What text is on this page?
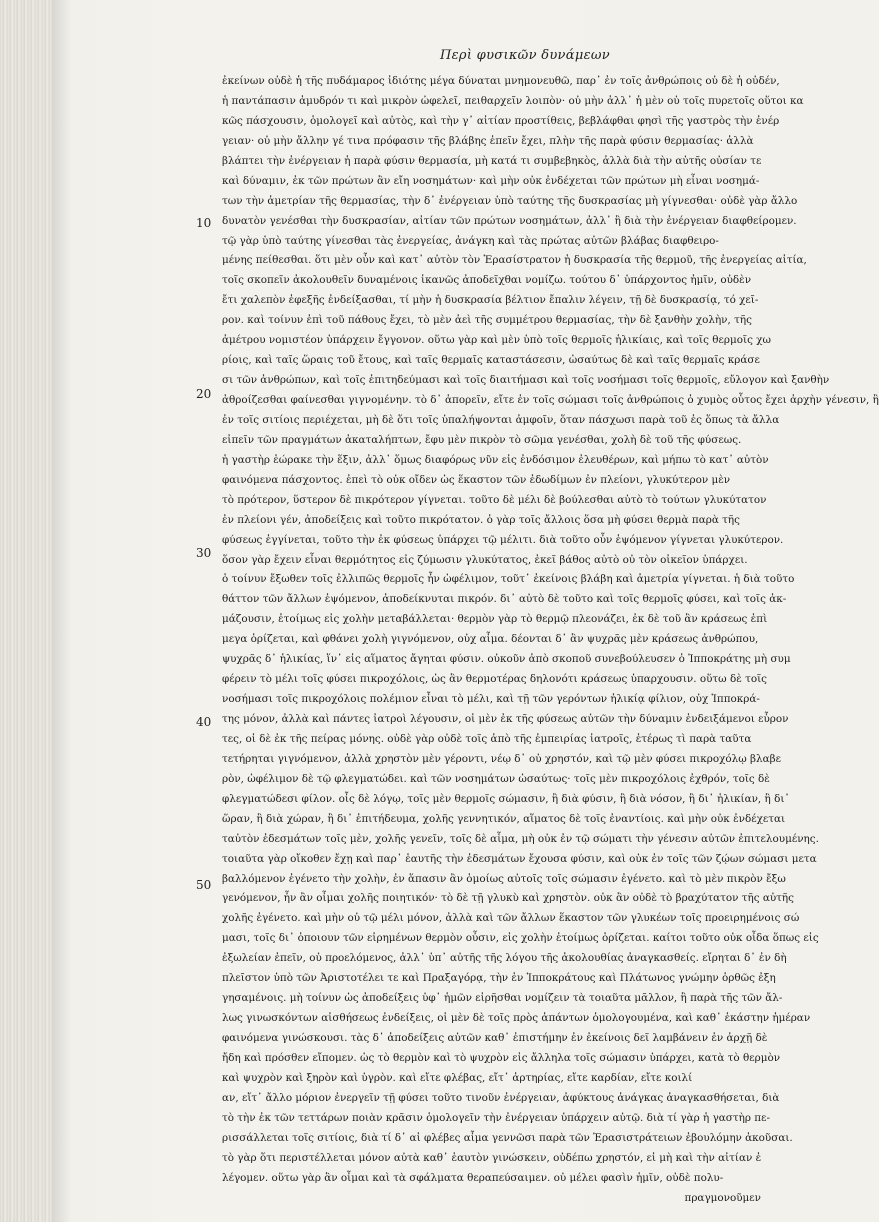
Περὶ φυσικῶν δυνάμεων
10
20
30
40
50
ἐκείνων οὐδὲ ἡ τῆς πυδάμαρος ἰδιότης μέγα δύναται μνημονευθῶ, παρ᾽ ἐν τοῖς ἀνθρώποις οὐ δὲ ἡ οὐδέν,
ἡ παντάπασιν ἀμυδρόν τι καὶ μικρὸν ὠφελεῖ, πειθαρχεῖν λοιπὸν· οὐ μὴν ἀλλ᾽ ἡ μὲν οὐ τοῖς πυρετοῖς οὕτοι κα
κῶς πάσχουσιν, ὁμολογεῖ καὶ αὐτὸς, καὶ τὴν γ᾽ αἰτίαν προστίθεις, βεβλάφθαι φησὶ τῆς γαστρὸς τὴν ἐνέρ
γειαν· οὐ μὴν ἄλλην γέ τινα πρόφασιν τῆς βλάβης ἐπεῖν ἔχει, πλὴν τῆς παρὰ φύσιν θερμασίας· ἀλλὰ
βλάπτει τὴν ἐνέργειαν ἡ παρὰ φύσιν θερμασία, μὴ κατά τι συμβεβηκὸς, ἀλλὰ διὰ τὴν αὐτῆς οὐσίαν τε
καὶ δύναμιν, ἐκ τῶν πρώτων ἂν εἴη νοσημάτων· καὶ μὴν οὐκ ἐνδέχεται τῶν πρώτων μὴ εἶναι νοσημά-
των τὴν ἀμετρίαν τῆς θερμασίας, τὴν δ᾽ ἐνέργειαν ὑπὸ ταύτης τῆς δυσκρασίας μὴ γίγνεσθαι· οὐδὲ γὰρ ἄλλο
δυνατὸν γενέσθαι τὴν δυσκρασίαν, αἰτίαν τῶν πρώτων νοσημάτων, ἀλλ᾽ ἢ διὰ τὴν ἐνέργειαν διαφθείρομεν.
τῷ γὰρ ὑπὸ ταύτης γίνεσθαι τὰς ἐνεργείας, ἀνάγκη καὶ τὰς πρώτας αὐτῶν βλάβας διαφθειρο-
μένης πείθεσθαι. ὅτι μὲν οὖν καὶ κατ᾽ αὐτὸν τὸν Ἐρασίστρατον ἡ δυσκρασία τῆς θερμοῦ, τῆς ἐνεργείας αἰτία,
τοῖς σκοπεῖν ἀκολουθεῖν δυναμένοις ἱκανῶς ἀποδεῖχθαι νομίζω. τούτου δ᾽ ὑπάρχοντος ἡμῖν, οὐδὲν
ἔτι χαλεπὸν ἐφεξῆς ἐνδείξασθαι, τί μὴν ἡ δυσκρασία βέλτιον ἔπαλιν λέγειν, τῇ δὲ δυσκρασίᾳ, τό χεῖ-
ρον. καὶ τοίνυν ἐπὶ τοῦ πάθους ἔχει, τὸ μὲν ἀεὶ τῆς συμμέτρου θερμασίας, τὴν δὲ ξανθὴν χολὴν, τῆς
ἀμέτρου νομιστέον ὑπάρχειν ἔγγονον. οὕτω γὰρ καὶ μὲν ὑπὸ τοῖς θερμοῖς ἡλικίαις, καὶ τοῖς θερμοῖς χω
ρίοις, καὶ ταῖς ὥραις τοῦ ἔτους, καὶ ταῖς θερμαῖς καταστάσεσιν, ὡσαύτως δὲ καὶ ταῖς θερμαῖς κράσε
σι τῶν ἀνθρώπων, καὶ τοῖς ἐπιτηδεύμασι καὶ τοῖς διαιτήμασι καὶ τοῖς νοσήμασι τοῖς θερμοῖς, εὔλογον καὶ ξανθὴν
ἀθροίζεσθαι φαίνεσθαι γιγνομένην. τὸ δ᾽ ἀπορεῖν, εἴτε ἐν τοῖς σώμασι τοῖς ἀνθρώποις ὁ χυμὸς οὗτος ἔχει ἀρχὴν γένεσιν, ἢ
ἐν τοῖς σιτίοις περιέχεται, μὴ δὲ ὅτι τοῖς ὑπαλήψονται ἀμφοῖν, ὅταν πάσχωσι παρὰ τοῦ ἐς ὅπως τὰ ἄλλα
εἰπεῖν τῶν πραγμάτων ἀκαταλήπτων, ἔφυ μὲν πικρὸν τὸ σῶμα γενέσθαι, χολὴ δὲ τοῦ τῆς φύσεως.
ἡ γαστὴρ ἑώρακε τὴν ἕξιν, ἀλλ᾽ ὅμως διαφόρως νῦν εἰς ἐνδόσιμον ἐλευθέρων, καὶ μήπω τὸ κατ᾽ αὐτὸν
φαινόμενα πάσχοντος. ἐπεὶ τὸ οὐκ οἴδεν ὡς ἕκαστον τῶν ἐδωδίμων ἐν πλείονι, γλυκύτερον μὲν
τὸ πρότερον, ὕστερον δὲ πικρότερον γίγνεται. τοῦτο δὲ μέλι δὲ βούλεσθαι αὐτὸ τὸ τούτων γλυκύτατον
ἐν πλείονι γέν, ἀποδείξεις καὶ τοῦτο πικρότατον. ὁ γὰρ τοῖς ἄλλοις ὅσα μὴ φύσει θερμὰ παρὰ τῆς
φύσεως ἐγγίνεται, τοῦτο τὴν ἐκ φύσεως ὑπάρχει τῷ μέλιτι. διὰ τοῦτο οὖν ἑψόμενον γίγνεται γλυκύτερον.
ὅσον γὰρ ἔχειν εἶναι θερμότητος εἰς ζύμωσιν γλυκύτατος, ἐκεῖ βάθος αὐτὸ οὐ τὸν οἰκεῖον ὑπάρχει.
ὁ τοίνυν ἔξωθεν τοῖς ἐλλιπῶς θερμοῖς ἦν ὠφέλιμον, τοῦτ᾽ ἐκείνοις βλάβη καὶ ἀμετρία γίγνεται. ἡ διὰ τοῦτο
θάττον τῶν ἄλλων ἑψόμενον, ἀποδείκνυται πικρόν. δι᾽ αὐτὸ δὲ τοῦτο καὶ τοῖς θερμοῖς φύσει, καὶ τοῖς ἀκ-
μάζουσιν, ἐτοίμως εἰς χολὴν μεταβάλλεται· θερμὸν γὰρ τὸ θερμῷ πλεονάζει, ἐκ δὲ τοῦ ἂν κράσεως ἐπὶ
μεγα ὁρίζεται, καὶ φθάνει χολὴ γιγνόμενον, οὐχ αἷμα. δέονται δ᾽ ἂν ψυχρᾶς μὲν κράσεως ἀνθρώπου,
ψυχρᾶς δ᾽ ἡλικίας, ἵν᾽ εἰς αἵματος ἄγηται φύσιν. οὐκοῦν ἀπὸ σκοποῦ συνεβούλευσεν ὁ Ἱπποκράτης μὴ συμ
φέρειν τὸ μέλι τοῖς φύσει πικροχόλοις, ὡς ἂν θερμοτέρας δηλονότι κράσεως ὑπαρχουσιν. οὕτω δὲ τοῖς
νοσήμασι τοῖς πικροχόλοις πολέμιον εἶναι τὸ μέλι, καὶ τῇ τῶν γερόντων ἡλικίᾳ φίλιον, οὐχ Ἱπποκρά-
της μόνον, ἀλλὰ καὶ πάντες ἰατροὶ λέγουσιν, οἱ μὲν ἐκ τῆς φύσεως αὐτῶν τὴν δύναμιν ἐνδειξάμενοι εὗρον
τες, οἱ δὲ ἐκ τῆς πείρας μόνης. οὐδὲ γὰρ οὐδὲ τοῖς ἀπὸ τῆς ἐμπειρίας ἰατροῖς, ἑτέρως τὶ παρὰ ταῦτα
τετήρηται γιγνόμενον, ἀλλὰ χρηστὸν μὲν γέροντι, νέῳ δ᾽ οὐ χρηστόν, καὶ τῷ μὲν φύσει πικροχόλῳ βλαβε
ρὸν, ὠφέλιμον δὲ τῷ φλεγματώδει. καὶ τῶν νοσημάτων ὡσαύτως· τοῖς μὲν πικροχόλοις ἐχθρόν, τοῖς δὲ
φλεγματώδεσι φίλον. οἷς δὲ λόγῳ, τοῖς μὲν θερμοῖς σώμασιν, ἢ διὰ φύσιν, ἢ διὰ νόσον, ἢ δι᾽ ἡλικίαν, ἢ δι᾽
ὥραν, ἢ διὰ χώραν, ἢ δι᾽ ἐπιτήδευμα, χολῆς γεννητικόν, αἵματος δὲ τοῖς ἐναντίοις. καὶ μὴν οὐκ ἐνδέχεται
ταὐτὸν ἐδεσμάτων τοῖς μὲν, χολῆς γενεῖν, τοῖς δὲ αἷμα, μὴ οὐκ ἐν τῷ σώματι τὴν γένεσιν αὐτῶν ἐπιτελουμένης.
τοιαῦτα γὰρ οἴκοθεν ἔχῃ καὶ παρ᾽ ἑαυτῆς τὴν ἐδεσμάτων ἔχουσα φύσιν, καὶ οὐκ ἐν τοῖς τῶν ζῴων σώμασι μετα
βαλλόμενον ἐγένετο τὴν χολὴν, ἐν ἅπασιν ἂν ὁμοίως αὐτοῖς τοῖς σώμασιν ἐγένετο. καὶ τὸ μὲν πικρὸν ἔξω
γενόμενον, ἦν ἂν οἶμαι χολῆς ποιητικόν· τὸ δὲ τῇ γλυκὺ καὶ χρηστὸν. οὐκ ἂν οὐδὲ τὸ βραχύτατον τῆς αὐτῆς
χολῆς ἐγένετο. καὶ μὴν οὐ τῷ μέλι μόνον, ἀλλὰ καὶ τῶν ἄλλων ἕκαστον τῶν γλυκέων τοῖς προειρημένοις σώ
μασι, τοῖς δι᾽ ὁποιουν τῶν εἰρημένων θερμὸν οὖσιν, εἰς χολὴν ἑτοίμως ὁρίζεται. καίτοι τοῦτο οὐκ οἶδα ὅπως εἰς
ἐξωλείαν ἐπεῖν, οὐ προελόμενος, ἀλλ᾽ ὑπ᾽ αὐτῆς τῆς λόγου τῆς ἀκολουθίας ἀναγκασθείς. εἴρηται δ᾽ ἐν δὴ
πλεῖστον ὑπὸ τῶν Ἀριστοτέλει τε καὶ Πραξαγόρᾳ, τὴν ἐν Ἱπποκράτους καὶ Πλάτωνος γνώμην ὀρθῶς ἐξη
γησαμένοις. μὴ τοίνυν ὡς ἀποδείξεις ὑφ᾽ ἡμῶν εἰρῆσθαι νομίζειν τὰ τοιαῦτα μᾶλλον, ἢ παρὰ τῆς τῶν ἄλ-
λως γινωσκόντων αἰσθήσεως ἐνδείξεις, οἱ μὲν δὲ τοῖς πρὸς ἁπάντων ὁμολογουμένα, καὶ καθ᾽ ἑκάστην ἡμέραν
φαινόμενα γινώσκουσι. τὰς δ᾽ ἀποδείξεις αὐτῶν καθ᾽ ἐπιστήμην ἐν ἐκείνοις δεῖ λαμβάνειν ἐν ἀρχῇ δὲ
ἤδη καὶ πρόσθεν εἴπομεν. ὡς τὸ θερμὸν καὶ τὸ ψυχρὸν εἰς ἄλληλα τοῖς σώμασιν ὑπάρχει, κατὰ τὸ θερμὸν
καὶ ψυχρὸν καὶ ξηρὸν καὶ ὑγρὸν. καὶ εἴτε φλέβας, εἴτ᾽ ἀρτηρίας, εἴτε καρδίαν, εἴτε κοιλί
αν, εἴτ᾽ ἄλλο μόριον ἐνεργεῖν τῇ φύσει τοῦτο τινοῦν ἐνέργειαν, ἀφύκτους ἀνάγκας ἀναγκασθήσεται, διὰ
τὸ τὴν ἐκ τῶν τεττάρων ποιὰν κρᾶσιν ὁμολογεῖν τὴν ἐνέργειαν ὑπάρχειν αὐτῷ. διὰ τί γὰρ ἡ γαστὴρ πε-
ρισσάλλεται τοῖς σιτίοις, διὰ τί δ᾽ αἱ φλέβες αἷμα γεννῶσι παρὰ τῶν Ἐρασιστράτειων ἐβουλόμην ἀκοῦσαι.
τὸ γὰρ ὅτι περιστέλλεται μόνον αὐτὰ καθ᾽ ἑαυτὸν γινώσκειν, οὐδέπω χρηστόν, εἰ μὴ καὶ τὴν αἰτίαν ἐ
λέγομεν. οὕτω γὰρ ἂν οἶμαι καὶ τὰ σφάλματα θεραπεύσαιμεν. οὐ μέλει φασὶν ἡμῖν, οὐδὲ πολυ-
πραγμονοῦμεν
